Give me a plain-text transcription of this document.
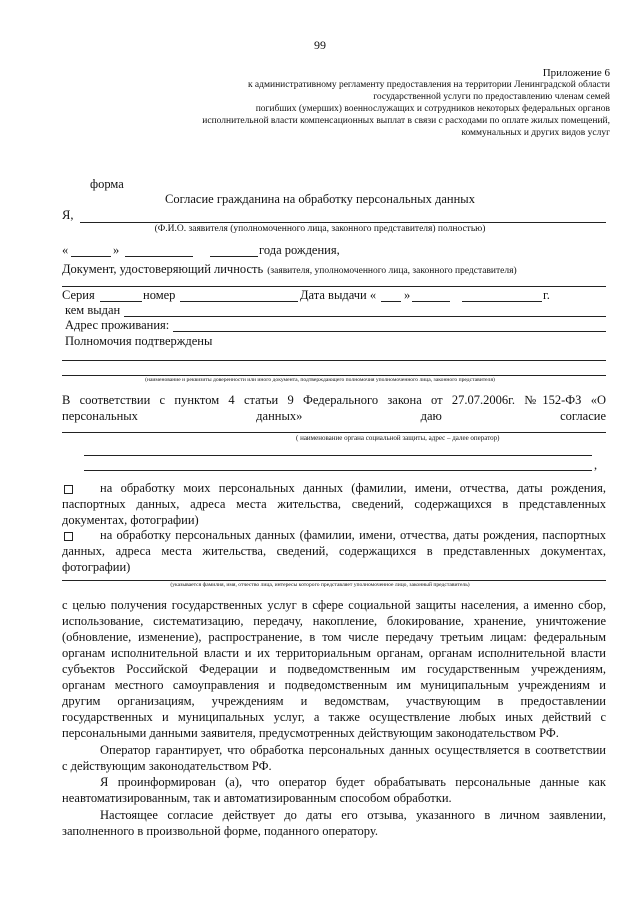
99
Приложение 6
к административному регламенту предоставления на территории Ленинградской области
государственной услуги по предоставлению членам семей
погибших (умерших) военнослужащих и сотрудников некоторых федеральных органов
исполнительной власти компенсационных выплат в связи с расходами по оплате жилых помещений,
коммунальных и других видов услуг
форма
Согласие гражданина на обработку персональных данных
Я,
(Ф.И.О. заявителя (уполномоченного лица, законного представителя) полностью)
«	»	года рождения,
Документ, удостоверяющий личность (заявителя, уполномоченного лица, законного представителя)
Серия	номер	Дата выдачи « »	г.
кем выдан
Адрес проживания:
Полномочия подтверждены
(наименование и реквизиты доверенности или иного документа, подтверждающего полномочия уполномоченного лица, законного представителя)
В соответствии с пунктом 4 статьи 9 Федерального закона от 27.07.2006г. №152-ФЗ «О
персональных данных» даю согласие
( наименование органа социальной защиты, адрес – далее оператор)
,
на обработку моих персональных данных (фамилии, имени, отчества, даты рождения,
паспортных данных, адреса места жительства, сведений, содержащихся в представленных
документах, фотографии)
на обработку персональных данных (фамилии, имени, отчества, даты рождения, паспортных
данных, адреса места жительства, сведений, содержащихся в представленных документах,
фотографии)
(указывается фамилия, имя, отчество лица, интересы которого представляет уполномоченное лицо, законный представитель)
с целью получения государственных услуг в сфере социальной защиты населения, а именно сбор,
использование, систематизацию, передачу, накопление, блокирование, хранение, уничтожение
(обновление, изменение), распространение, в том числе передачу третьим лицам: федеральным
органам исполнительной власти и их территориальным органам, органам исполнительной власти
субъектов Российской Федерации и подведомственным им государственным учреждениям,
органам местного самоуправления и подведомственным им муниципальным учреждениям и
другим организациям, учреждениям и ведомствам, участвующим в предоставлении
государственных и муниципальных услуг, а также осуществление любых иных действий с
персональными данными заявителя, предусмотренных действующим законодательством РФ.
Оператор гарантирует, что обработка персональных данных осуществляется в соответствии
с действующим законодательством РФ.
Я проинформирован (а), что оператор будет обрабатывать персональные данные как
неавтоматизированным, так и автоматизированным способом обработки.
Настоящее согласие действует до даты его отзыва, указанного в личном заявлении,
заполненного в произвольной форме, поданного оператору.
